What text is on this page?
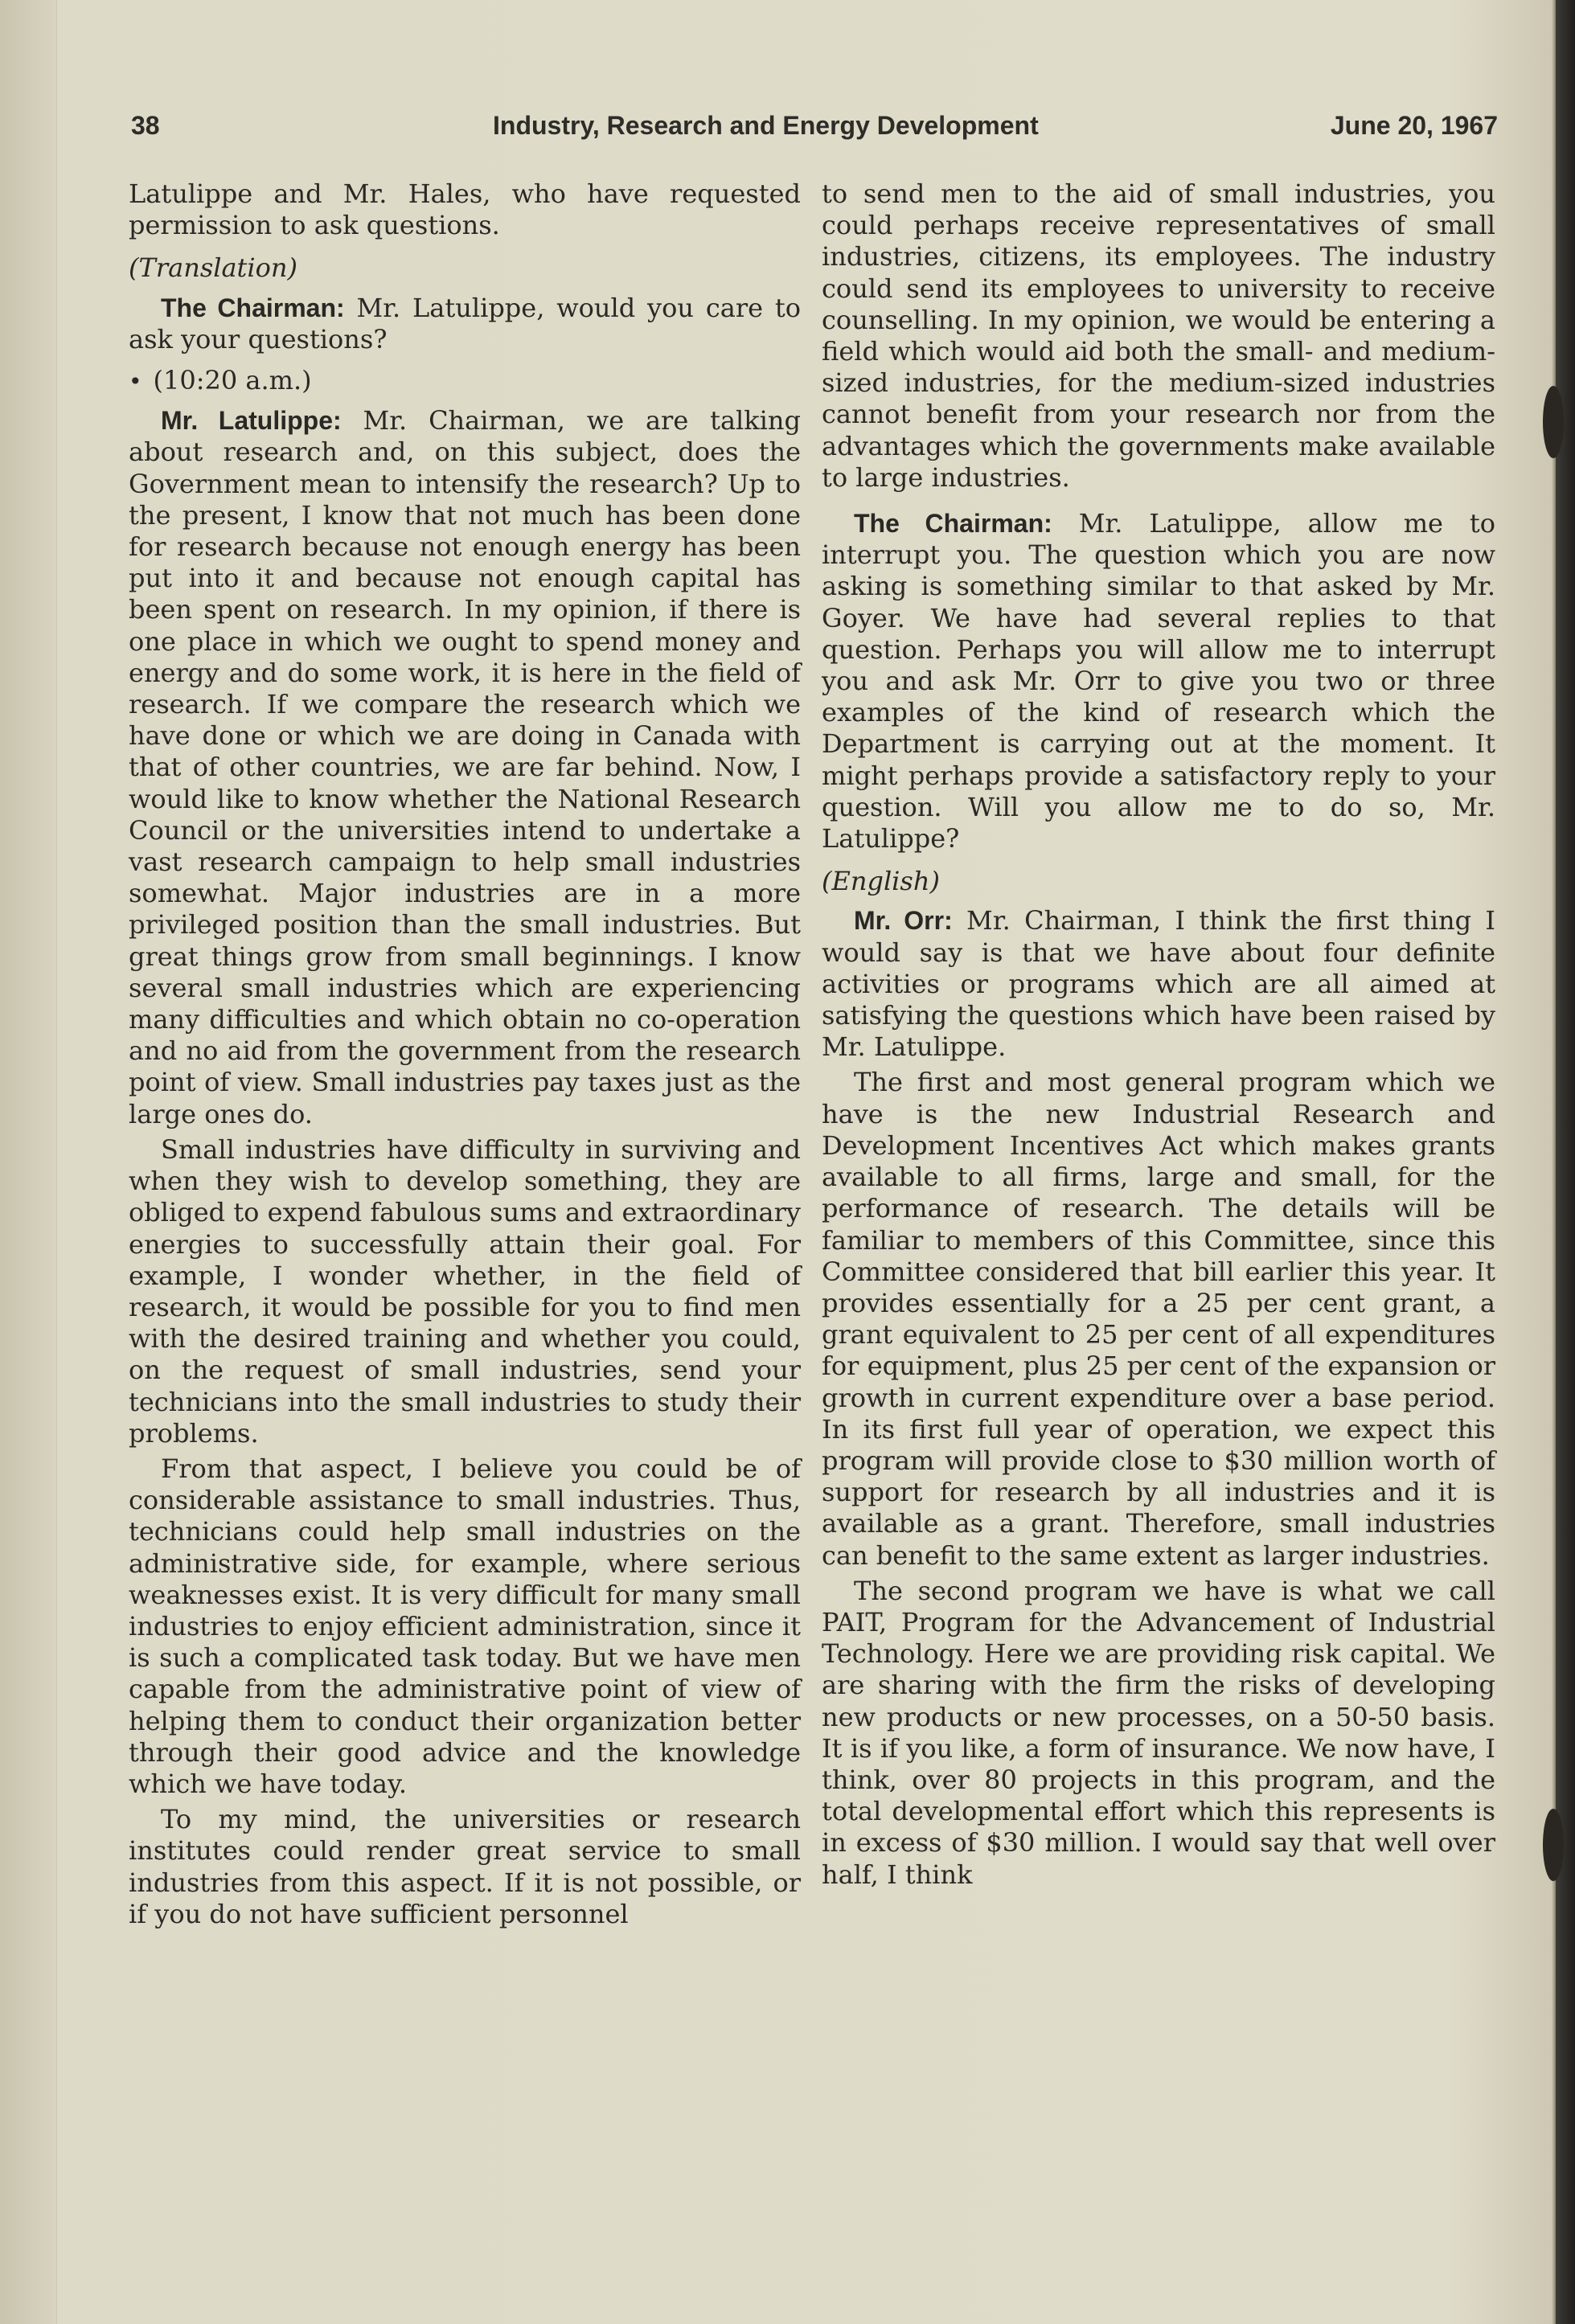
38	Industry, Research and Energy Development	June 20, 1967

Latulippe and Mr. Hales, who have requested permission to ask questions.

(Translation)

The Chairman: Mr. Latulippe, would you care to ask your questions?

• (10:20 a.m.)

Mr. Latulippe: Mr. Chairman, we are talking about research and, on this subject, does the Government mean to intensify the research? Up to the present, I know that not much has been done for research because not enough energy has been put into it and because not enough capital has been spent on research. In my opinion, if there is one place in which we ought to spend money and energy and do some work, it is here in the field of research. If we compare the research which we have done or which we are doing in Canada with that of other countries, we are far behind. Now, I would like to know whether the National Research Council or the universities intend to undertake a vast research campaign to help small industries somewhat. Major industries are in a more privileged position than the small industries. But great things grow from small beginnings. I know several small industries which are experiencing many difficulties and which obtain no co-operation and no aid from the government from the research point of view. Small industries pay taxes just as the large ones do.

Small industries have difficulty in surviving and when they wish to develop something, they are obliged to expend fabulous sums and extraordinary energies to successfully attain their goal. For example, I wonder whether, in the field of research, it would be possible for you to find men with the desired training and whether you could, on the request of small industries, send your technicians into the small industries to study their problems.

From that aspect, I believe you could be of considerable assistance to small industries. Thus, technicians could help small industries on the administrative side, for example, where serious weaknesses exist. It is very difficult for many small industries to enjoy efficient administration, since it is such a complicated task today. But we have men capable from the administrative point of view of helping them to conduct their organization better through their good advice and the knowledge which we have today.

To my mind, the universities or research institutes could render great service to small industries from this aspect. If it is not possible, or if you do not have sufficient personnel

to send men to the aid of small industries, you could perhaps receive representatives of small industries, citizens, its employees. The industry could send its employees to university to receive counselling. In my opinion, we would be entering a field which would aid both the small- and medium-sized industries, for the medium-sized industries cannot benefit from your research nor from the advantages which the governments make available to large industries.

The Chairman: Mr. Latulippe, allow me to interrupt you. The question which you are now asking is something similar to that asked by Mr. Goyer. We have had several replies to that question. Perhaps you will allow me to interrupt you and ask Mr. Orr to give you two or three examples of the kind of research which the Department is carrying out at the moment. It might perhaps provide a satisfactory reply to your question. Will you allow me to do so, Mr. Latulippe?

(English)

Mr. Orr: Mr. Chairman, I think the first thing I would say is that we have about four definite activities or programs which are all aimed at satisfying the questions which have been raised by Mr. Latulippe.

The first and most general program which we have is the new Industrial Research and Development Incentives Act which makes grants available to all firms, large and small, for the performance of research. The details will be familiar to members of this Committee, since this Committee considered that bill earlier this year. It provides essentially for a 25 per cent grant, a grant equivalent to 25 per cent of all expenditures for equipment, plus 25 per cent of the expansion or growth in current expenditure over a base period. In its first full year of operation, we expect this program will provide close to $30 million worth of support for research by all industries and it is available as a grant. Therefore, small industries can benefit to the same extent as larger industries.

The second program we have is what we call PAIT, Program for the Advancement of Industrial Technology. Here we are providing risk capital. We are sharing with the firm the risks of developing new products or new processes, on a 50-50 basis. It is if you like, a form of insurance. We now have, I think, over 80 projects in this program, and the total developmental effort which this represents is in excess of $30 million. I would say that well over half, I think
